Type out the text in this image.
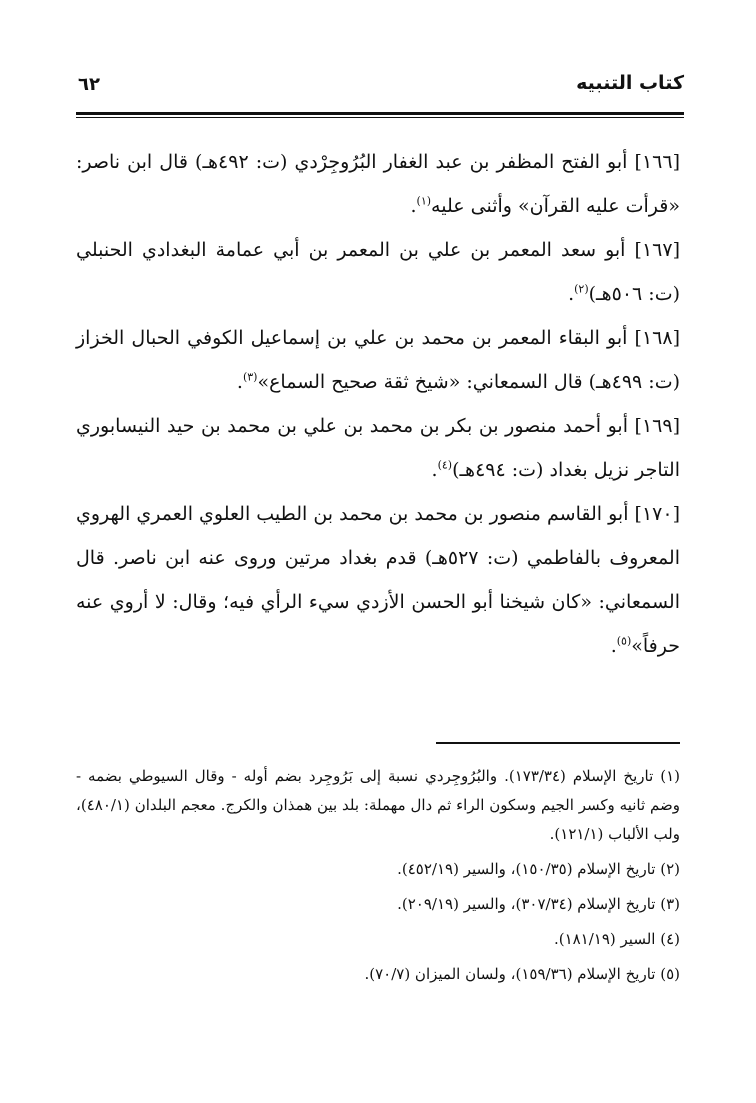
كتاب التنبيه
٦٢

[١٦٦] أبو الفتح المظفر بن عبد الغفار البُرُوجِرْدي (ت: ٤٩٢هـ) قال ابن ناصر: «قرأت عليه القرآن» وأثنى عليه$^{(١)}$.

[١٦٧] أبو سعد المعمر بن علي بن المعمر بن أبي عمامة البغدادي الحنبلي (ت: ٥٠٦هـ)$^{(٢)}$.

[١٦٨] أبو البقاء المعمر بن محمد بن علي بن إسماعيل الكوفي الحبال الخزاز (ت: ٤٩٩هـ) قال السمعاني: «شيخ ثقة صحيح السماع»$^{(٣)}$.

[١٦٩] أبو أحمد منصور بن بكر بن محمد بن علي بن محمد بن حيد النيسابوري التاجر نزيل بغداد (ت: ٤٩٤هـ)$^{(٤)}$.

[١٧٠] أبو القاسم منصور بن محمد بن محمد بن الطيب العلوي العمري الهروي المعروف بالفاطمي (ت: ٥٢٧هـ) قدم بغداد مرتين وروى عنه ابن ناصر. قال السمعاني: «كان شيخنا أبو الحسن الأزدي سيء الرأي فيه؛ وقال: لا أروي عنه حرفاً»$^{(٥)}$.

(١) تاريخ الإسلام (١٧٣/٣٤). والبُرُوجِردي نسبة إلى بَرُوجِرد بضم أوله - وقال السيوطي بضمه - وضم ثانيه وكسر الجيم وسكون الراء ثم دال مهملة: بلد بين همذان والكرج. معجم البلدان (٤٨٠/١)، ولب الألباب (١٢١/١).

(٢) تاريخ الإسلام (١٥٠/٣٥)، والسير (٤٥٢/١٩).

(٣) تاريخ الإسلام (٣٠٧/٣٤)، والسير (٢٠٩/١٩).

(٤) السير (١٨١/١٩).

(٥) تاريخ الإسلام (١٥٩/٣٦)، ولسان الميزان (٧٠/٧).
